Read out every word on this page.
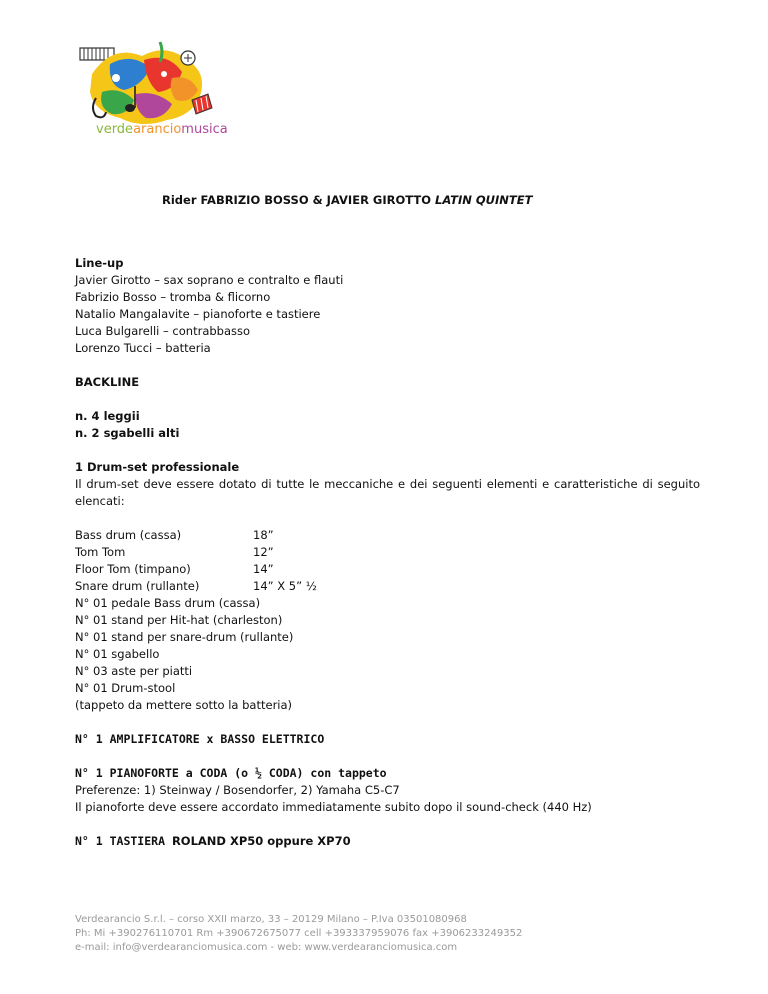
verdearanciomusica
Rider FABRIZIO BOSSO & JAVIER GIROTTO LATIN QUINTET

Line-up

Javier Girotto – sax soprano e contralto e flauti

Fabrizio Bosso – tromba & flicorno

Natalio Mangalavite – pianoforte e tastiere

Luca Bulgarelli – contrabbasso

Lorenzo Tucci – batteria

BACKLINE

n. 4 leggii

n. 2 sgabelli alti

1 Drum-set professionale

Il drum-set deve essere dotato di tutte le meccaniche e dei seguenti elementi e caratteristiche di seguito elencati:

Bass drum (cassa)	18”
Tom Tom	12”
Floor Tom (timpano)	14”
Snare drum (rullante)	14” X 5” ½

N° 01 pedale Bass drum (cassa)

N° 01 stand per Hit-hat (charleston)

N° 01 stand per snare-drum (rullante)

N° 01 sgabello

N° 03 aste per piatti

N° 01 Drum-stool

(tappeto da mettere sotto la batteria)

N° 1 AMPLIFICATORE x BASSO ELETTRICO

N° 1 PIANOFORTE a CODA (o ½ CODA) con tappeto

Preferenze: 1) Steinway / Bosendorfer, 2) Yamaha C5-C7

Il pianoforte deve essere accordato immediatamente subito dopo il sound-check (440 Hz)

N° 1 TASTIERA ROLAND XP50 oppure XP70

Verdearancio S.r.l. – corso XXII marzo, 33 – 20129 Milano – P.Iva 03501080968

Ph: Mi +390276110701 Rm +390672675077 cell +393337959076 fax +3906233249352

e-mail: info@verdearanciomusica.com - web: www.verdearanciomusica.com
